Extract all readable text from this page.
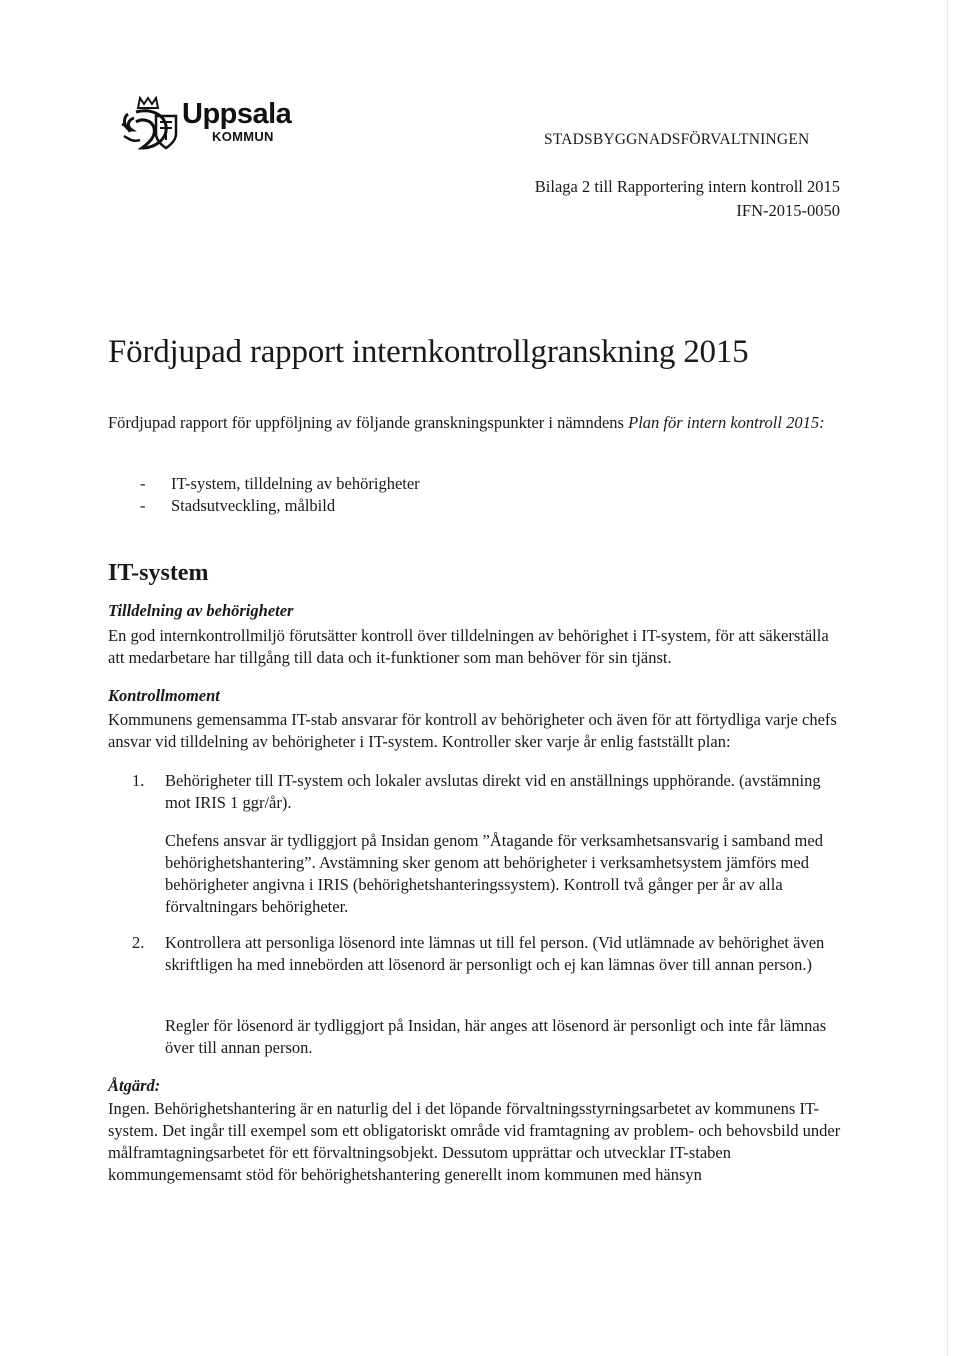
Uppsala
KOMMUN	STADSBYGGNADSFÖRVALTNINGEN
Bilaga 2 till Rapportering intern kontroll 2015
IFN-2015-0050
Fördjupad rapport internkontrollgranskning 2015

Fördjupad rapport för uppföljning av följande granskningspunkter i nämndens Plan för intern kontroll 2015:

- IT-system, tilldelning av behörigheter
- Stadsutveckling, målbild
IT-system
Tilldelning av behörigheter

En god internkontrollmiljö förutsätter kontroll över tilldelningen av behörighet i IT-system, för att säkerställa att medarbetare har tillgång till data och it-funktioner som man behöver för sin tjänst.

Kontrollmoment

Kommunens gemensamma IT-stab ansvarar för kontroll av behörigheter och även för att förtydliga varje chefs ansvar vid tilldelning av behörigheter i IT-system. Kontroller sker varje år enlig fastställt plan:

1. Behörigheter till IT-system och lokaler avslutas direkt vid en anställnings upphörande. (avstämning mot IRIS 1 ggr/år).
Chefens ansvar är tydliggjort på Insidan genom ”Åtagande för verksamhetsansvarig i samband med behörighetshantering”. Avstämning sker genom att behörigheter i verksamhetsystem jämförs med behörigheter angivna i IRIS (behörighetshanteringssystem). Kontroll två gånger per år av alla förvaltningars behörigheter.
2. Kontrollera att personliga lösenord inte lämnas ut till fel person. (Vid utlämnade av behörighet även skriftligen ha med innebörden att lösenord är personligt och ej kan lämnas över till annan person.)
Regler för lösenord är tydliggjort på Insidan, här anges att lösenord är personligt och inte får lämnas över till annan person.
Åtgärd:

Ingen. Behörighetshantering är en naturlig del i det löpande förvaltningsstyrningsarbetet av kommunens IT-system. Det ingår till exempel som ett obligatoriskt område vid framtagning av problem- och behovsbild under målframtagningsarbetet för ett förvaltningsobjekt. Dessutom upprättar och utvecklar IT-staben kommungemensamt stöd för behörighetshantering generellt inom kommunen med hänsyn
